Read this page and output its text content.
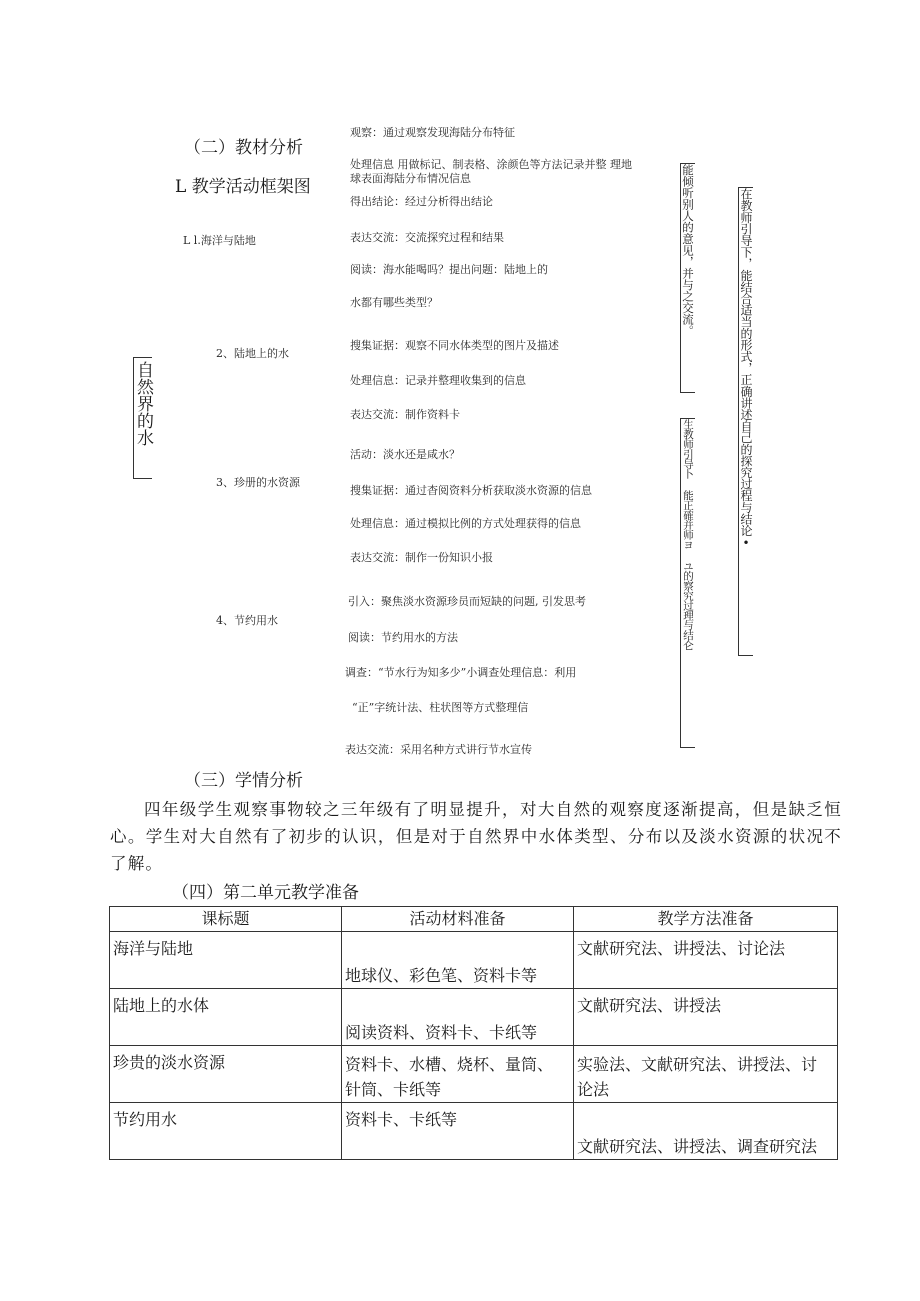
（二）教材分析
L 教学活动框架图
自然界的水
L l.海洋与陆地
2、陆地上的水
3、珍册的水资源
4、节约用水
观察：通过观察发现海陆分布特征
处理信息 用做标记、制表格、涂颜色等方法记录并整 理地
球表面海陆分布情况信息
得出结论：经过分析得出结论
表达交流：交流探究过程和结果
阅读：海水能喝吗？提出问题：陆地上的
水都有哪些类型？
搜集证据：观察不同水体类型的图片及描述
处理信息：记录并整理收集到的信息
表达交流：制作资料卡
活动：淡水还是咸水？
搜集证据：通过杳阅资料分析获取淡水资源的信息
处理信息：通过模拟比例的方式处理获得的信息
表达交流：制作一份知识小报
引入：聚焦淡水资源珍员而短缺的问题, 引发思考
阅读：节约用水的方法
调查：“节水行为知多少”小调查处理信息：利用
“正”字统计法、柱状图等方式整理信
表达交流：采用名种方式讲行节水宣传
能倾听别人的意见，并与之交流。
生教师引导卜 能正確并师ヨ ユ的察究过理与结仑	在教师引导下，能结合适当的形式，正确讲述自己的探究过程与结论•
（三）学情分析
四年级学生观察事物较之三年级有了明显提升，对大自然的观察度逐渐提高，但是缺乏恒心。学生对大自然有了初步的认识，但是对于自然界中水体类型、分布以及淡水资源的状况不了解。
（四）第二单元教学准备
课标题	活动材料准备	教学方法准备

海洋与陆地	地球仪、彩色笔、资料卡等	文献研究法、讲授法、讨论法

陆地上的水体	阅读资料、资料卡、卡纸等	文献研究法、讲授法

珍贵的淡水资源	资料卡、水槽、烧杯、量筒、针筒、卡纸等	实验法、文献研究法、讲授法、讨论法

节约用水	资料卡、卡纸等	文献研究法、讲授法、调查研究法
